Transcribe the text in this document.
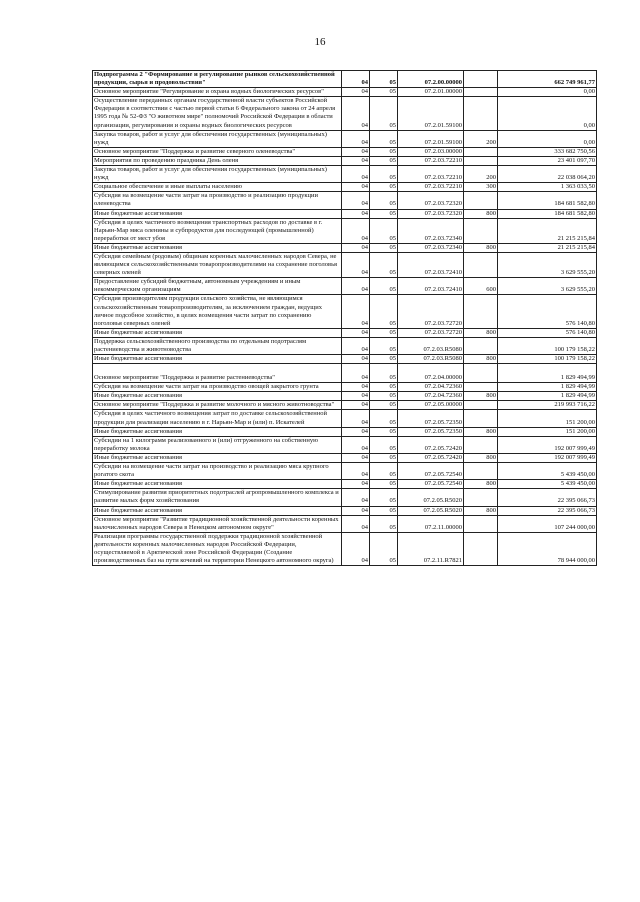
16
Подпрограмма 2 "Формирование и регулирование рынков сельскохозяйственной продукции, сырья и продовольствия"	04	05	07.2.00.00000		662 749 961,77
Основное мероприятие "Регулирование и охрана водных биологических ресурсов"	04	05	07.2.01.00000		0,00
Осуществление переданных органам государственной власти субъектов Российской Федерации в соответствии с частью первой статьи 6 Федерального закона от 24 апреля 1995 года № 52-ФЗ "О животном мире" полномочий Российской Федерации в области организации, регулирования и охраны водных биологических ресурсов	04	05	07.2.01.59100		0,00
Закупка товаров, работ и услуг для обеспечения государственных (муниципальных) нужд	04	05	07.2.01.59100	200	0,00
Основное мероприятие "Поддержка и развитие северного оленеводства"	04	05	07.2.03.00000		333 682 750,56
Мероприятия по проведению праздника День оленя	04	05	07.2.03.72210		23 401 097,70
Закупка товаров, работ и услуг для обеспечения государственных (муниципальных) нужд	04	05	07.2.03.72210	200	22 038 064,20
Социальное обеспечение и иные выплаты населению	04	05	07.2.03.72210	300	1 363 033,50
Субсидия на возмещение части затрат на производство и реализацию продукции оленеводства	04	05	07.2.03.72320		184 681 582,80
Иные бюджетные ассигнования	04	05	07.2.03.72320	800	184 681 582,80
Субсидия в целях частичного возмещения транспортных расходов по доставке в г. Нарьян-Мар мяса оленины и субпродуктов для последующей (промышленной) переработки от мест убоя	04	05	07.2.03.72340		21 215 215,84
Иные бюджетные ассигнования	04	05	07.2.03.72340	800	21 215 215,84
Субсидия семейным (родовым) общинам коренных малочисленных народов Севера, не являющимся сельскохозяйственными товаропроизводителями на сохранение поголовья северных оленей	04	05	07.2.03.72410		3 629 555,20
Предоставление субсидий бюджетным, автономным учреждениям и иным некоммерческим организациям	04	05	07.2.03.72410	600	3 629 555,20
Субсидия производителям продукции сельского хозяйства, не являющимся сельскохозяйственным товаропроизводителям, за исключением граждан, ведущих личное подсобное хозяйство, в целях возмещения части затрат по сохранению поголовья северных оленей	04	05	07.2.03.72720		576 140,80
Иные бюджетные ассигнования	04	05	07.2.03.72720	800	576 140,80
Поддержка сельскохозяйственного производства по отдельным подотраслям растениеводства и животноводства	04	05	07.2.03.R5080		100 179 158,22
Иные бюджетные ассигнования	04	05	07.2.03.R5080	800	100 179 158,22
Основное мероприятие "Поддержка и развитие растениеводства"	04	05	07.2.04.00000		1 829 494,99
Субсидия на возмещение части затрат на производство овощей закрытого грунта	04	05	07.2.04.72360		1 829 494,99
Иные бюджетные ассигнования	04	05	07.2.04.72360	800	1 829 494,99
Основное мероприятие "Поддержка и развитие молочного и мясного животноводства"	04	05	07.2.05.00000		219 993 716,22
Субсидия в целях частичного возмещения затрат по доставке сельскохозяйственной продукции для реализации населению в г. Нарьян-Мар и (или) п. Искателей	04	05	07.2.05.72350		151 200,00
Иные бюджетные ассигнования	04	05	07.2.05.72350	800	151 200,00
Субсидии на 1 килограмм реализованного и (или) отгруженного на собственную переработку молока	04	05	07.2.05.72420		192 007 999,49
Иные бюджетные ассигнования	04	05	07.2.05.72420	800	192 007 999,49
Субсидии на возмещение части затрат на производство и реализацию мяса крупного рогатого скота	04	05	07.2.05.72540		5 439 450,00
Иные бюджетные ассигнования	04	05	07.2.05.72540	800	5 439 450,00
Стимулирование развития приоритетных подотраслей агропромышленного комплекса и развитие малых форм хозяйствования	04	05	07.2.05.R5020		22 395 066,73
Иные бюджетные ассигнования	04	05	07.2.05.R5020	800	22 395 066,73
Основное мероприятие "Развитие традиционной хозяйственной деятельности коренных малочисленных народов Севера в Ненецком автономном округе"	04	05	07.2.11.00000		107 244 000,00
Реализация программы государственной поддержки традиционной хозяйственной деятельности коренных малочисленных народов Российской Федерации, осуществляемой в Арктической зоне Российской Федерации (Создание производственных баз на пути кочевий на территории Ненецкого автономного округа)	04	05	07.2.11.R7821		78 944 000,00
